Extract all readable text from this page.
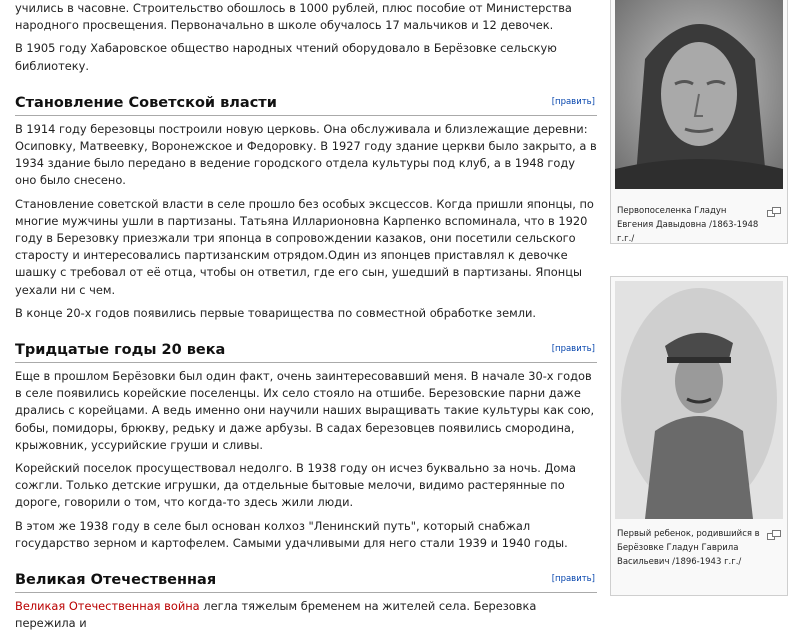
учились в часовне. Строительство обошлось в 1000 рублей, плюс пособие от Министерства народного просвещения. Первоначально в школе обучалось 17 мальчиков и 12 девочек.

В 1905 году Хабаровское общество народных чтений оборудовало в Берёзовке сельскую библиотеку.

Становление Советской власти	[править]

В 1914 году березовцы построили новую церковь. Она обслуживала и близлежащие деревни: Осиповку, Матвеевку, Воронежское и Федоровку. В 1927 году здание церкви было закрыто, а в 1934 здание было передано в ведение городского отдела культуры под клуб, а в 1948 году оно было снесено.

Становление советской власти в селе прошло без особых эксцессов. Когда пришли японцы, по многие мужчины ушли в партизаны. Татьяна Илларионовна Карпенко вспоминала, что в 1920 году в Березовку приезжали три японца в сопровождении казаков, они посетили сельского старосту и интересовались партизанским отрядом.Один из японцев приставлял к девочке шашку с требовал от её отца, чтобы он ответил, где его сын, ушедший в партизаны. Японцы уехали ни с чем.

В конце 20-х годов появились первые товарищества по совместной обработке земли.

Тридцатые годы 20 века	[править]

Еще в прошлом Берёзовки был один факт, очень заинтересовавший меня. В начале 30-х годов в селе появились корейские поселенцы. Их село стояло на отшибе. Березовские парни даже дрались с корейцами. А ведь именно они научили наших выращивать такие культуры как сою, бобы, помидоры, брюкву, редьку и даже арбузы. В садах березовцев появились смородина, крыжовник, уссурийские груши и сливы.

Корейский поселок просуществовал недолго. В 1938 году он исчез буквально за ночь. Дома сожгли. Только детские игрушки, да отдельные бытовые мелочи, видимо растерянные по дороге, говорили о том, что когда-то здесь жили люди.

В этом же 1938 году в селе был основан колхоз "Ленинский путь", который снабжал государство зерном и картофелем. Самыми удачливыми для него стали 1939 и 1940 годы.

Великая Отечественная	[править]

Великая Отечественная война легла тяжелым бременем на жителей села. Березовка пережила и

Первопоселенка Гладун Евгения Давыдовна /1863-1948 г.г./
Первый ребенок, родившийся в Берёзовке Гладун Гаврила Васильевич /1896-1943 г.г./
